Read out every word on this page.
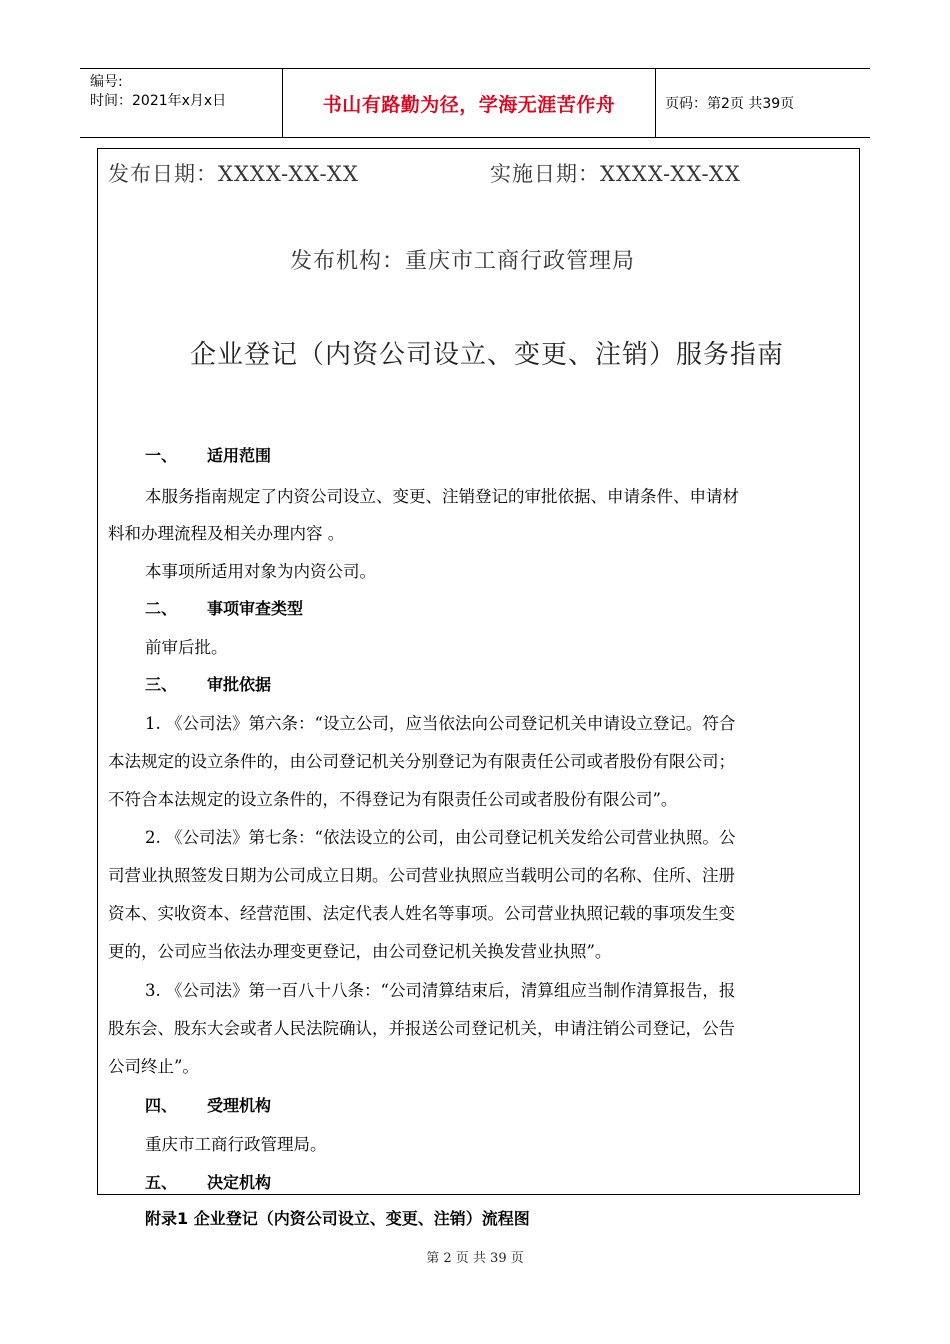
编号:
时间：2021年x月x日	书山有路勤为径，学海无涯苦作舟	页码：第2页 共39页
发布日期：XXXX-XX-XX	实施日期：XXXX-XX-XX
发布机构：重庆市工商行政管理局
企业登记（内资公司设立、变更、注销）服务指南
一、 适用范围
本服务指南规定了内资公司设立、变更、注销登记的审批依据、申请条件、申请材
料和办理流程及相关办理内容 。
本事项所适用对象为内资公司。
二、 事项审查类型
前审后批。
三、 审批依据
1. 《公司法》第六条：“设立公司，应当依法向公司登记机关申请设立登记。符合
本法规定的设立条件的，由公司登记机关分别登记为有限责任公司或者股份有限公司；
不符合本法规定的设立条件的，不得登记为有限责任公司或者股份有限公司”。
2. 《公司法》第七条：“依法设立的公司，由公司登记机关发给公司营业执照。公
司营业执照签发日期为公司成立日期。公司营业执照应当载明公司的名称、住所、注册
资本、实收资本、经营范围、法定代表人姓名等事项。公司营业执照记载的事项发生变
更的，公司应当依法办理变更登记，由公司登记机关换发营业执照”。
3. 《公司法》第一百八十八条：“公司清算结束后，清算组应当制作清算报告，报
股东会、股东大会或者人民法院确认，并报送公司登记机关，申请注销公司登记，公告
公司终止”。
四、 受理机构
重庆市工商行政管理局。
五、 决定机构
附录1 企业登记（内资公司设立、变更、注销）流程图
第 2 页 共 39 页
